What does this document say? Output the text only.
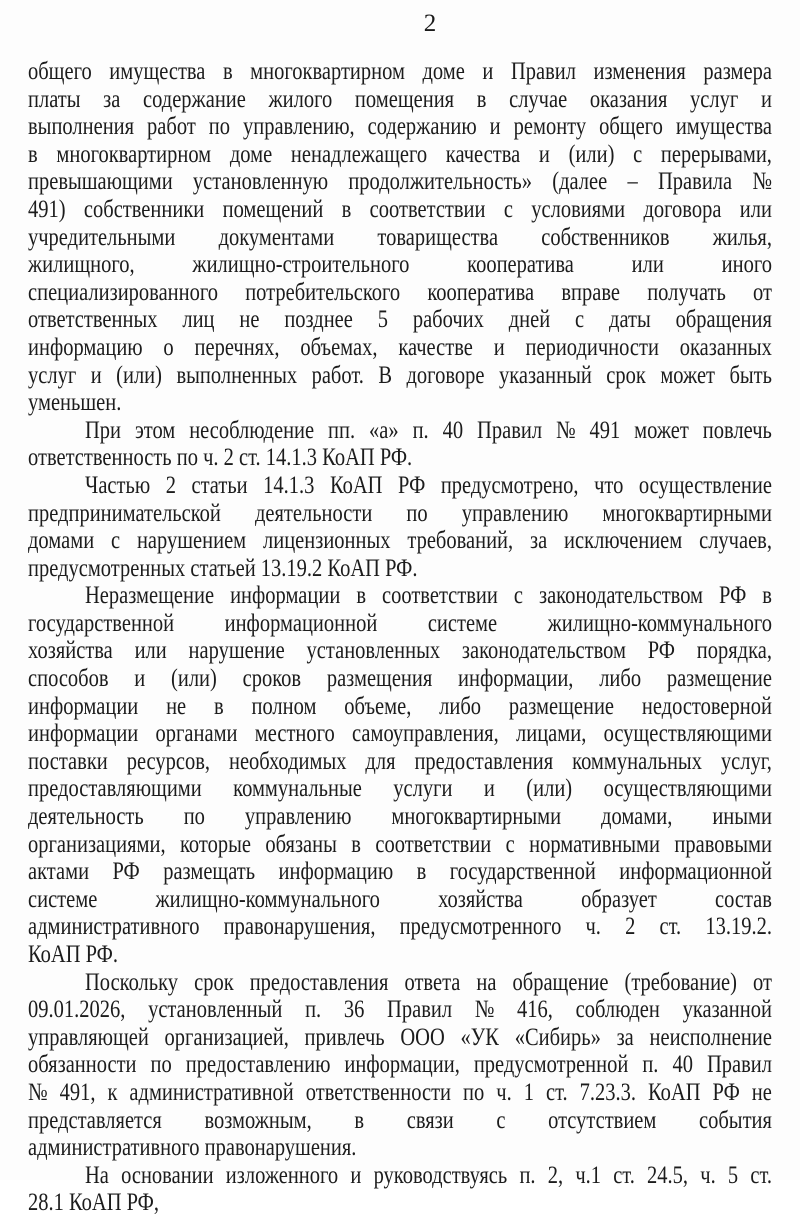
2
общего имущества в многоквартирном доме и Правил изменения размера
платы за содержание жилого помещения в случае оказания услуг и
выполнения работ по управлению, содержанию и ремонту общего имущества
в многоквартирном доме ненадлежащего качества и (или) с перерывами,
превышающими установленную продолжительность» (далее – Правила №
491) собственники помещений в соответствии с условиями договора или
учредительными документами товарищества собственников жилья,
жилищного, жилищно-строительного кооператива или иного
специализированного потребительского кооператива вправе получать от
ответственных лиц не позднее 5 рабочих дней с даты обращения
информацию о перечнях, объемах, качестве и периодичности оказанных
услуг и (или) выполненных работ. В договоре указанный срок может быть
уменьшен.
При этом несоблюдение пп. «а» п. 40 Правил № 491 может повлечь
ответственность по ч. 2 ст. 14.1.3 КоАП РФ.
Частью 2 статьи 14.1.3 КоАП РФ предусмотрено, что осуществление
предпринимательской деятельности по управлению многоквартирными
домами с нарушением лицензионных требований, за исключением случаев,
предусмотренных статьей 13.19.2 КоАП РФ.
Неразмещение информации в соответствии с законодательством РФ в
государственной информационной системе жилищно-коммунального
хозяйства или нарушение установленных законодательством РФ порядка,
способов и (или) сроков размещения информации, либо размещение
информации не в полном объеме, либо размещение недостоверной
информации органами местного самоуправления, лицами, осуществляющими
поставки ресурсов, необходимых для предоставления коммунальных услуг,
предоставляющими коммунальные услуги и (или) осуществляющими
деятельность по управлению многоквартирными домами, иными
организациями, которые обязаны в соответствии с нормативными правовыми
актами РФ размещать информацию в государственной информационной
системе жилищно-коммунального хозяйства образует состав
административного правонарушения, предусмотренного ч. 2 ст. 13.19.2.
КоАП РФ.
Поскольку срок предоставления ответа на обращение (требование) от
09.01.2026, установленный п. 36 Правил № 416, соблюден указанной
управляющей организацией, привлечь ООО «УК «Сибирь» за неисполнение
обязанности по предоставлению информации, предусмотренной п. 40 Правил
№ 491, к административной ответственности по ч. 1 ст. 7.23.3. КоАП РФ не
представляется возможным, в связи с отсутствием события
административного правонарушения.
На основании изложенного и руководствуясь п. 2, ч.1 ст. 24.5, ч. 5 ст.
28.1 КоАП РФ,
